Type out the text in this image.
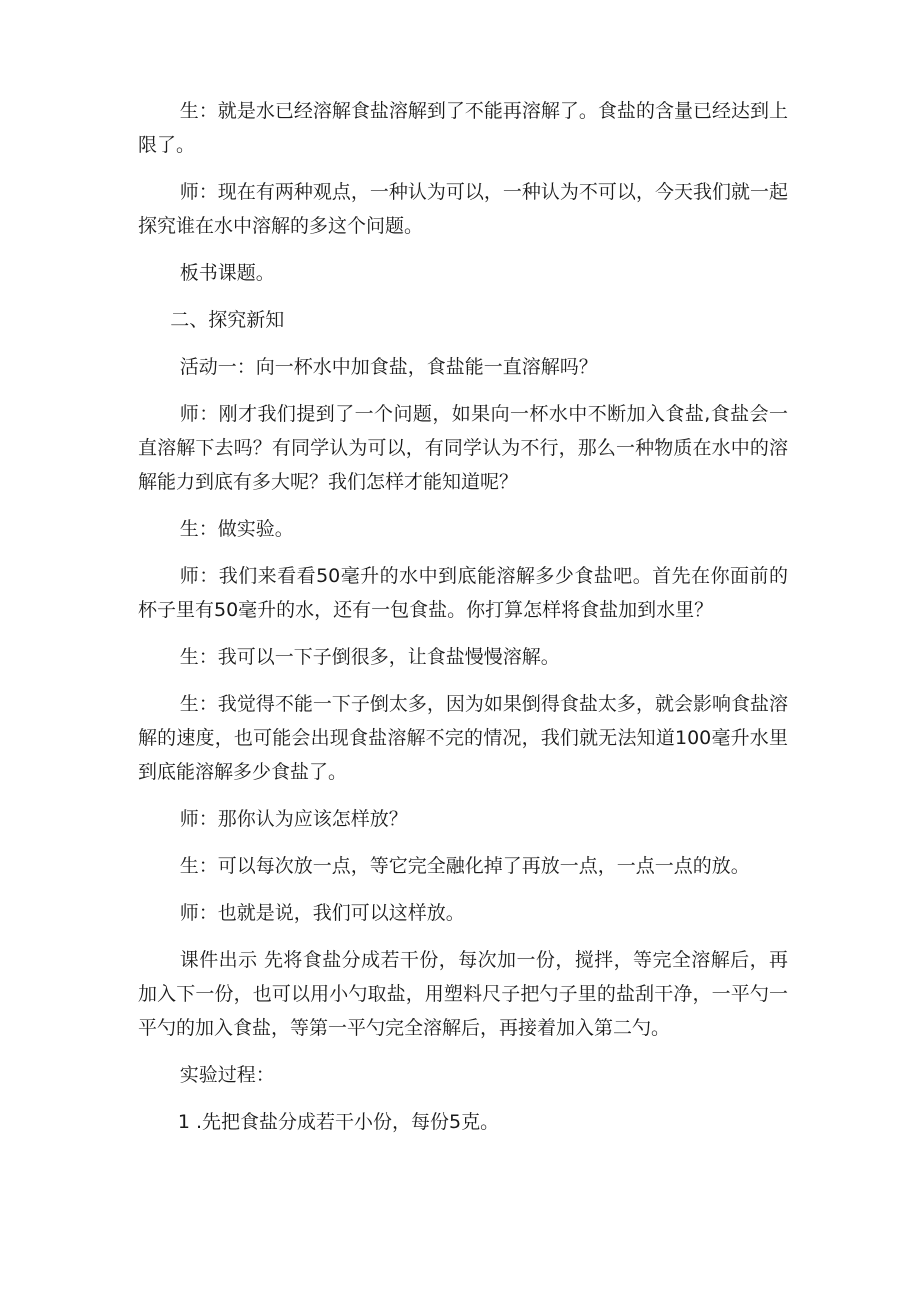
生：就是水已经溶解食盐溶解到了不能再溶解了。食盐的含量已经达到上限了。

师：现在有两种观点，一种认为可以，一种认为不可以，今天我们就一起探究谁在水中溶解的多这个问题。

板书课题。

二、探究新知

活动一：向一杯水中加食盐，食盐能一直溶解吗？

师：刚才我们提到了一个问题，如果向一杯水中不断加入食盐,食盐会一直溶解下去吗？有同学认为可以，有同学认为不行，那么一种物质在水中的溶解能力到底有多大呢？我们怎样才能知道呢？

生：做实验。

师：我们来看看50毫升的水中到底能溶解多少食盐吧。首先在你面前的杯子里有50毫升的水，还有一包食盐。你打算怎样将食盐加到水里？

生：我可以一下子倒很多，让食盐慢慢溶解。

生：我觉得不能一下子倒太多，因为如果倒得食盐太多，就会影响食盐溶解的速度，也可能会出现食盐溶解不完的情况，我们就无法知道100毫升水里到底能溶解多少食盐了。

师：那你认为应该怎样放？

生：可以每次放一点，等它完全融化掉了再放一点，一点一点的放。

师：也就是说，我们可以这样放。

课件出示 先将食盐分成若干份，每次加一份，搅拌，等完全溶解后，再加入下一份，也可以用小勺取盐，用塑料尺子把勺子里的盐刮干净，一平勺一平勺的加入食盐，等第一平勺完全溶解后，再接着加入第二勺。

实验过程：

1 .先把食盐分成若干小份，每份5克。
